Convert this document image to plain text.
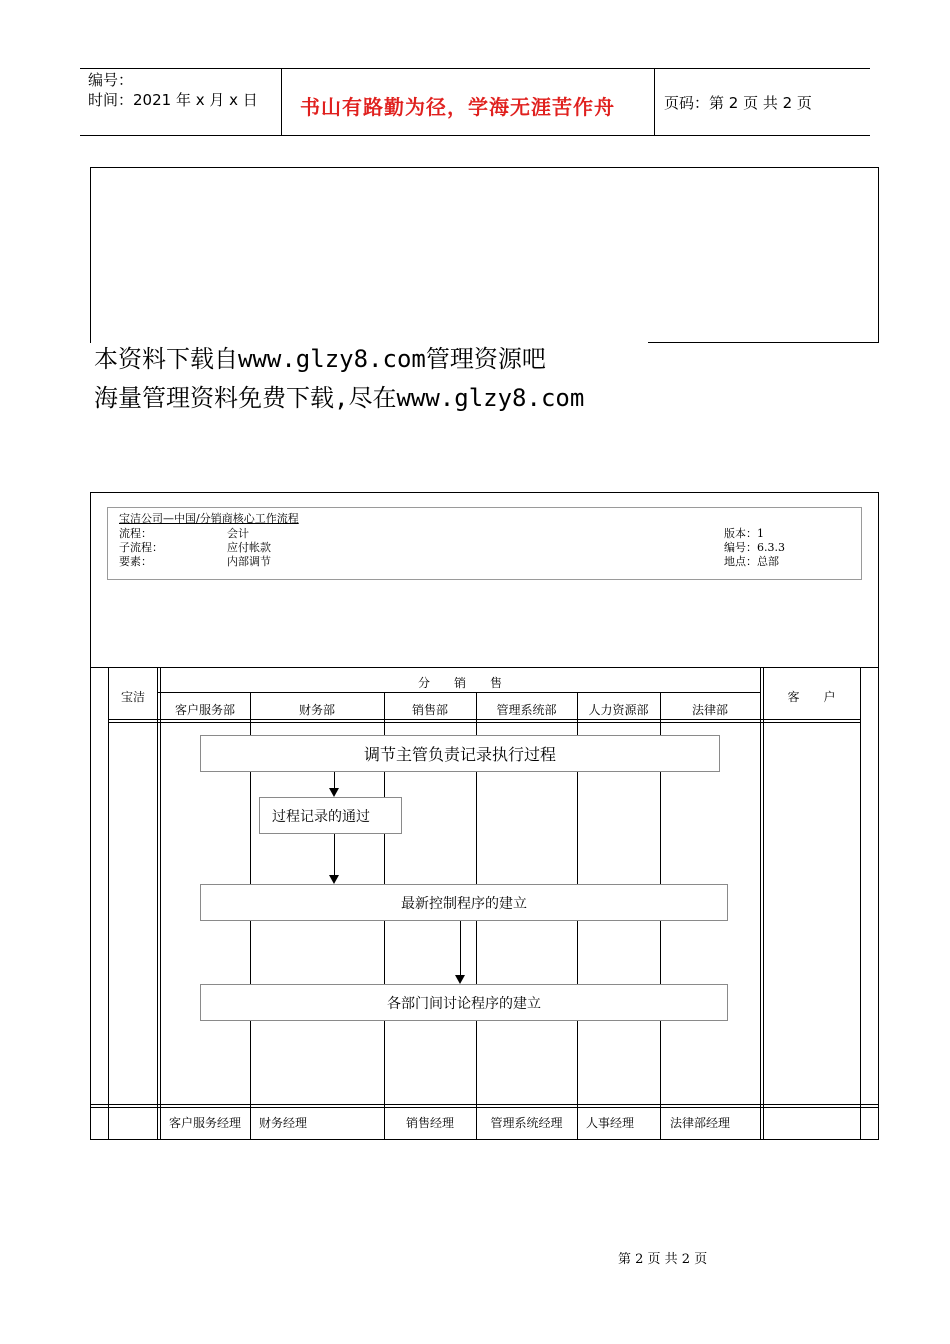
编号：
时间：2021 年 x 月 x 日 书山有路勤为径，学海无涯苦作舟	页码：第 2 页 共 2 页
本资料下载自www.glzy8.com管理资源吧
海量管理资料免费下载,尽在www.glzy8.com
宝洁公司—中国/分销商核心工作流程
流程：	会计
子流程：	应付帐款
要素：	内部调节
版本：1
编号：6.3.3
地点：总部
宝洁
分　　销　　售
客　　户
客户服务部	财务部	销售部	管理系统部	人力资源部	法律部
客户服务经理	财务经理	销售经理	管理系统经理	人事经理	法律部经理
调节主管负责记录执行过程
过程记录的通过
最新控制程序的建立
各部门间讨论程序的建立
第 2 页 共 2 页
